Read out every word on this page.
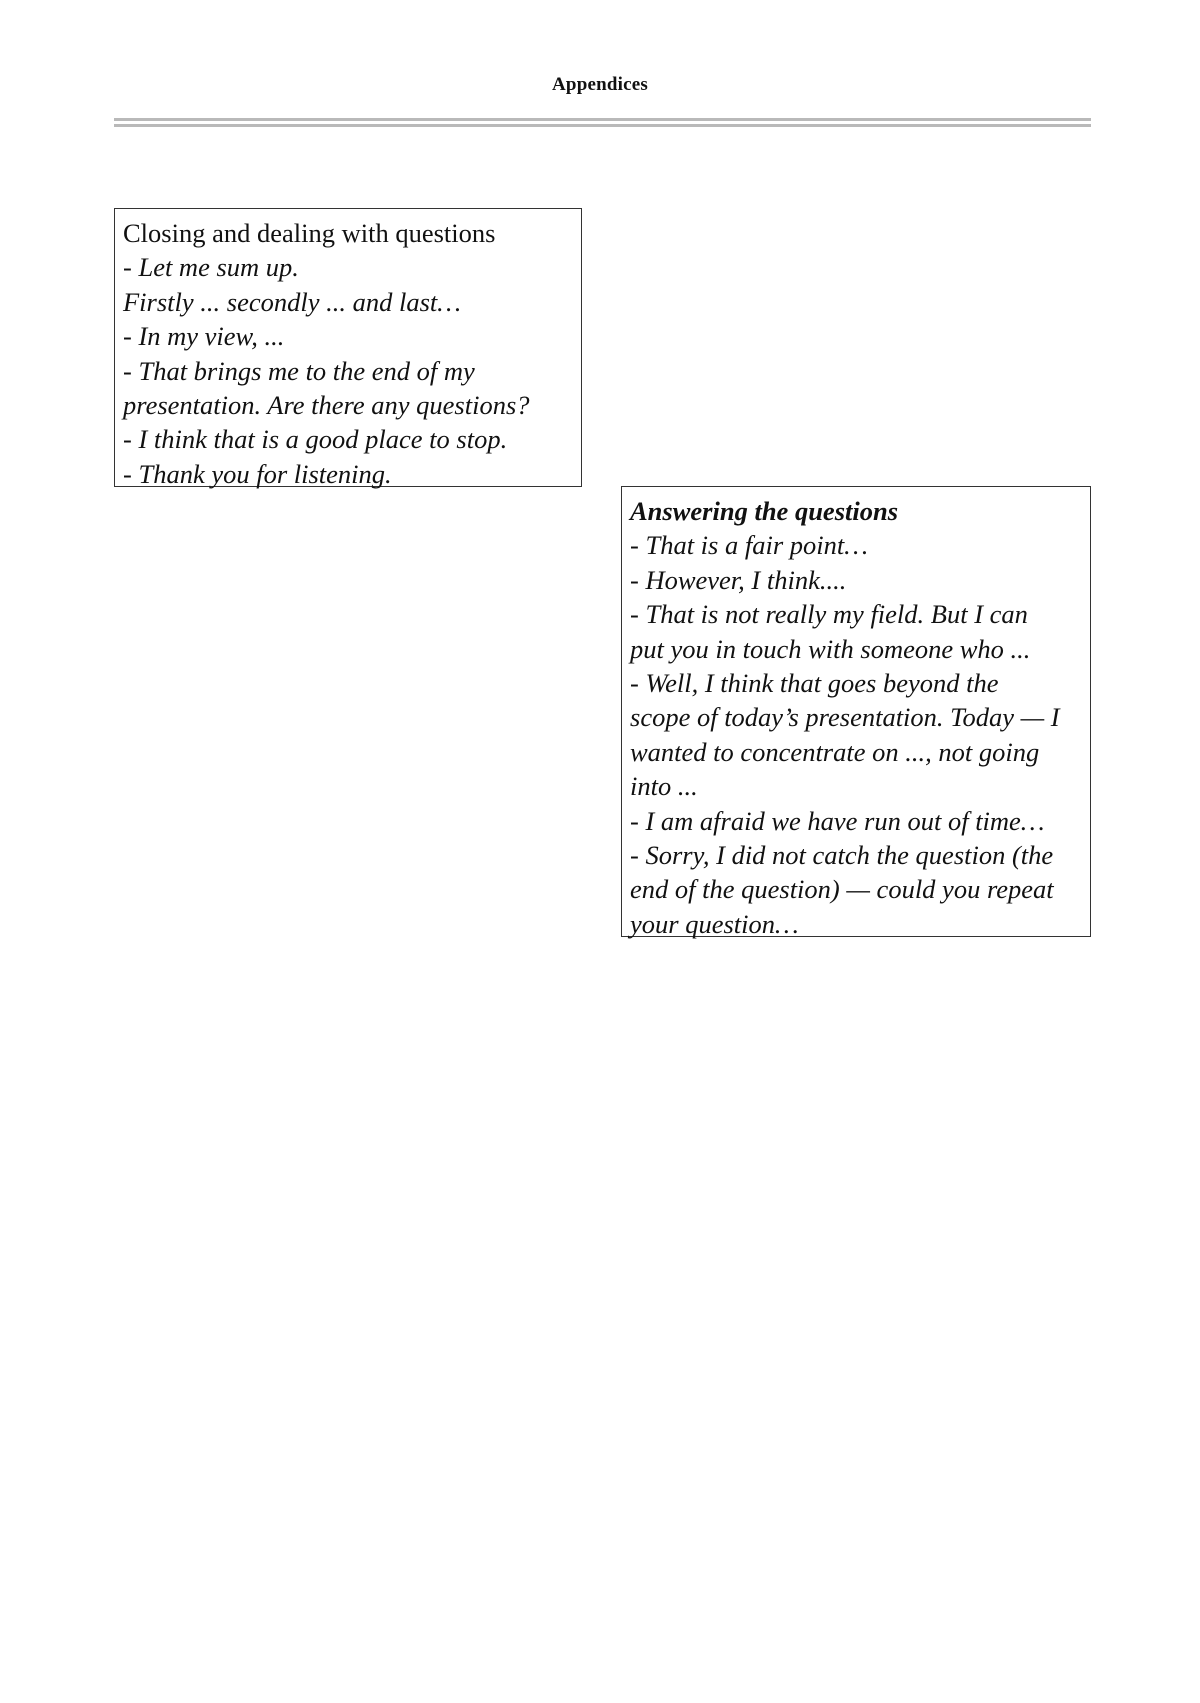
Appendices
Closing and dealing with questions
- Let me sum up.
Firstly ... secondly ... and last…
- In my view, ...
- That brings me to the end of my
presentation. Are there any questions?
- I think that is a good place to stop.
- Thank you for listening.
Answering the questions
- That is a fair point…
- However, I think....
- That is not really my field. But I can
put you in touch with someone who ...
- Well, I think that goes beyond the
scope of today’s presentation. Today — I
wanted to concentrate on ..., not going
into ...
- I am afraid we have run out of time…
- Sorry, I did not catch the question (the
end of the question) — could you repeat
your question…
